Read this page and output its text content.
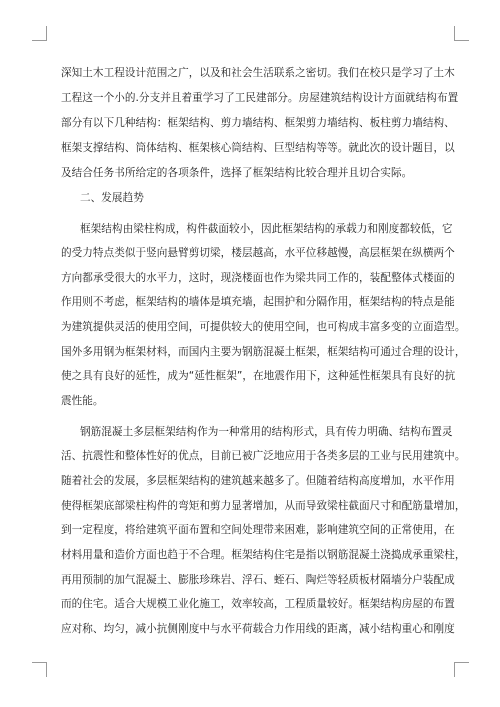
深知土木工程设计范围之广，以及和社会生活联系之密切。我们在校只是学习了土木
工程这一个小的.分支并且着重学习了工民建部分。房屋建筑结构设计方面就结构布置
部分有以下几种结构：框架结构、剪力墙结构、框架剪力墙结构、板柱剪力墙结构、
框架支撑结构、筒体结构、框架核心筒结构、巨型结构等等。就此次的设计题目，以
及结合任务书所给定的各项条件，选择了框架结构比较合理并且切合实际。
二、发展趋势
框架结构由梁柱构成，构件截面较小，因此框架结构的承载力和刚度都较低，它
的受力特点类似于竖向悬臂剪切梁，楼层越高，水平位移越慢，高层框架在纵横两个
方向都承受很大的水平力，这时，现浇楼面也作为梁共同工作的，装配整体式楼面的
作用则不考虑，框架结构的墙体是填充墙，起围护和分隔作用，框架结构的特点是能
为建筑提供灵活的使用空间，可提供较大的使用空间，也可构成丰富多变的立面造型。
国外多用钢为框架材料，而国内主要为钢筋混凝土框架，框架结构可通过合理的设计，
使之具有良好的延性，成为“延性框架”，在地震作用下，这种延性框架具有良好的抗
震性能。
钢筋混凝土多层框架结构作为一种常用的结构形式，具有传力明确、结构布置灵
活、抗震性和整体性好的优点，目前已被广泛地应用于各类多层的工业与民用建筑中。
随着社会的发展，多层框架结构的建筑越来越多了。但随着结构高度增加，水平作用
使得框架底部梁柱构件的弯矩和剪力显著增加，从而导致梁柱截面尺寸和配筋量增加，
到一定程度，将给建筑平面布置和空间处理带来困难，影响建筑空间的正常使用，在
材料用量和造价方面也趋于不合理。框架结构住宅是指以钢筋混凝土浇捣成承重梁柱，
再用预制的加气混凝土、膨胀珍珠岩、浮石、蛭石、陶烂等轻质板材隔墙分户装配成
而的住宅。适合大规模工业化施工，效率较高，工程质量较好。框架结构房屋的布置
应对称、均匀，减小抗侧刚度中与水平荷载合力作用线的距离，减小结构重心和刚度
